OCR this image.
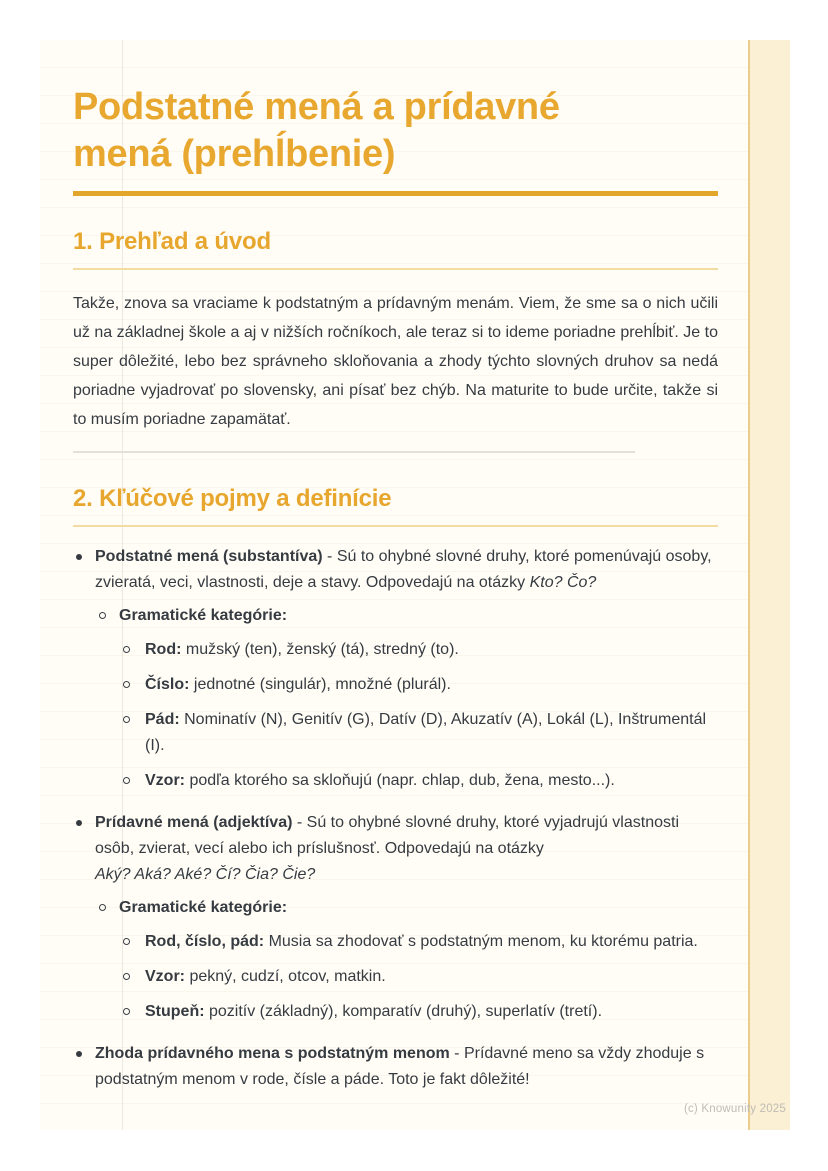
Podstatné mená a prídavné mená (prehĺbenie)
1. Prehľad a úvod

Takže, znova sa vraciame k podstatným a prídavným menám. Viem, že sme sa o nich učili už na základnej škole a aj v nižších ročníkoch, ale teraz si to ideme poriadne prehĺbiť. Je to super dôležité, lebo bez správneho skloňovania a zhody týchto slovných druhov sa nedá poriadne vyjadrovať po slovensky, ani písať bez chýb. Na maturite to bude určite, takže si to musím poriadne zapamätať.

2. Kľúčové pojmy a definície
Podstatné mená (substantíva) - Sú to ohybné slovné druhy, ktoré pomenúvajú osoby, zvieratá, veci, vlastnosti, deje a stavy. Odpovedajú na otázky Kto? Čo?
Gramatické kategórie:
Rod: mužský (ten), ženský (tá), stredný (to).
Číslo: jednotné (singulár), množné (plurál).
Pád: Nominatív (N), Genitív (G), Datív (D), Akuzatív (A), Lokál (L), Inštrumentál (I).
Vzor: podľa ktorého sa skloňujú (napr. chlap, dub, žena, mesto...).
Prídavné mená (adjektíva) - Sú to ohybné slovné druhy, ktoré vyjadrujú vlastnosti osôb, zvierat, vecí alebo ich príslušnosť. Odpovedajú na otázky
Aký? Aká? Aké? Čí? Čia? Čie?
Gramatické kategórie:
Rod, číslo, pád: Musia sa zhodovať s podstatným menom, ku ktorému patria.
Vzor: pekný, cudzí, otcov, matkin.
Stupeň: pozitív (základný), komparatív (druhý), superlatív (tretí).
Zhoda prídavného mena s podstatným menom - Prídavné meno sa vždy zhoduje s podstatným menom v rode, čísle a páde. Toto je fakt dôležité!
(c) Knowunity 2025
